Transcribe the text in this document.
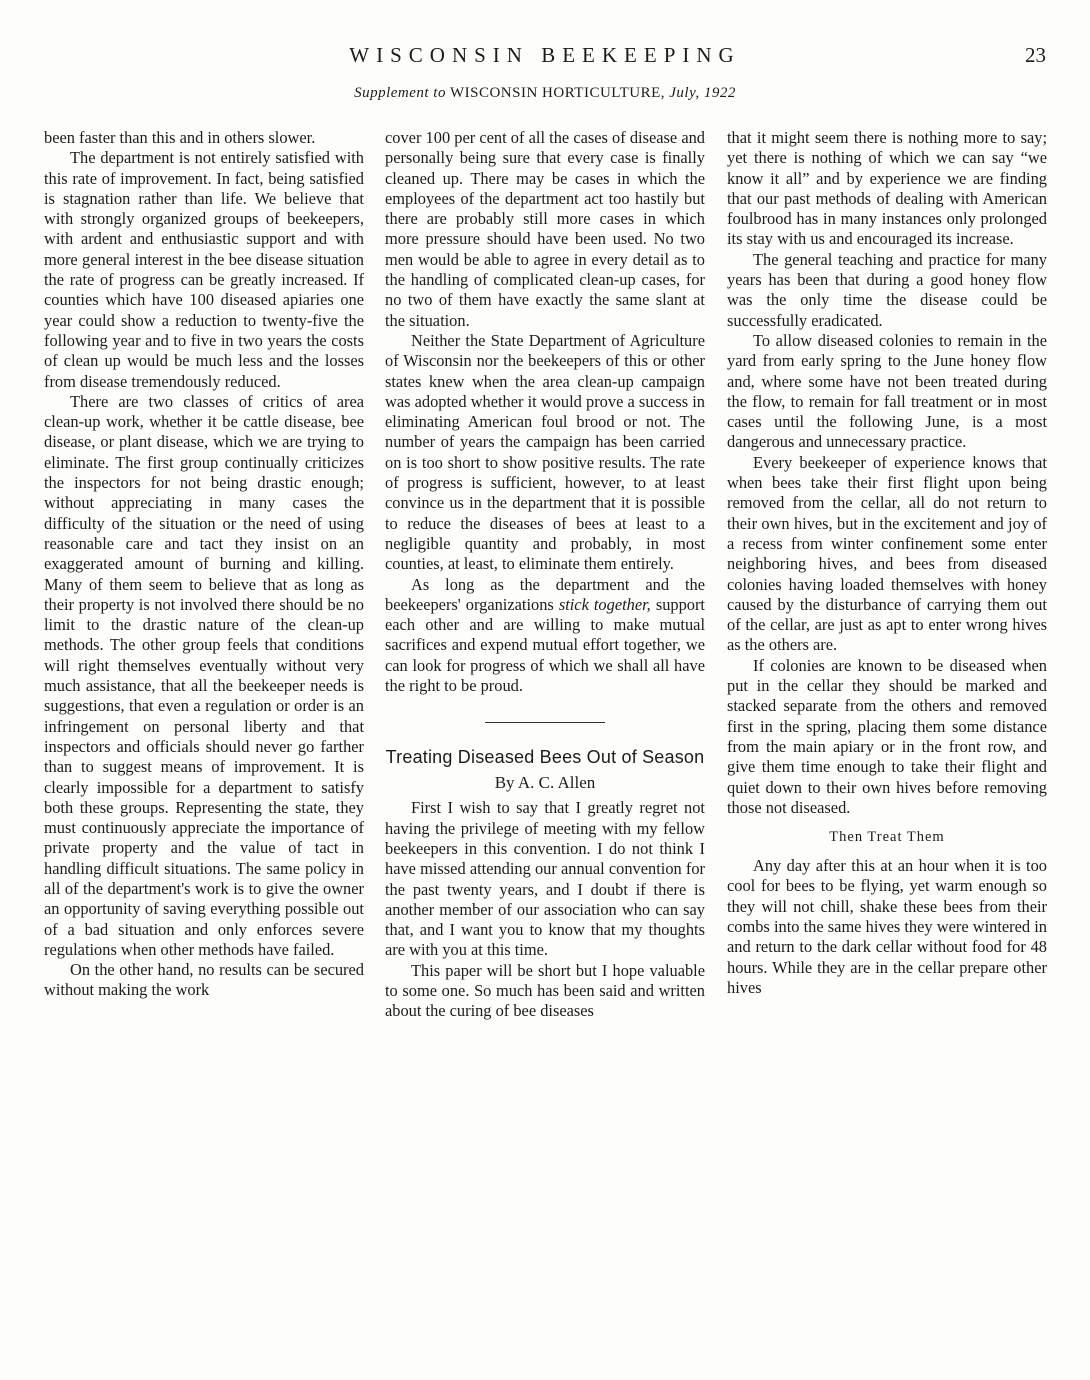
WISCONSIN BEEKEEPING	23
Supplement to WISCONSIN HORTICULTURE, July, 1922

been faster than this and in others slower.

The department is not entirely satisfied with this rate of improvement. In fact, being satisfied is stagnation rather than life. We believe that with strongly organized groups of beekeepers, with ardent and enthusiastic support and with more general interest in the bee disease situation the rate of progress can be greatly increased. If counties which have 100 diseased apiaries one year could show a reduction to twenty-five the following year and to five in two years the costs of clean up would be much less and the losses from disease tremendously reduced.

There are two classes of critics of area clean-up work, whether it be cattle disease, bee disease, or plant disease, which we are trying to eliminate. The first group continually criticizes the inspectors for not being drastic enough; without appreciating in many cases the difficulty of the situation or the need of using reasonable care and tact they insist on an exaggerated amount of burning and killing. Many of them seem to believe that as long as their property is not involved there should be no limit to the drastic nature of the clean-up methods. The other group feels that conditions will right themselves eventually without very much assistance, that all the beekeeper needs is suggestions, that even a regulation or order is an infringement on personal liberty and that inspectors and officials should never go farther than to suggest means of improvement. It is clearly impossible for a department to satisfy both these groups. Representing the state, they must continuously appreciate the importance of private property and the value of tact in handling difficult situations. The same policy in all of the department's work is to give the owner an opportunity of saving everything possible out of a bad situation and only enforces severe regulations when other methods have failed.

On the other hand, no results can be secured without making the work

cover 100 per cent of all the cases of disease and personally being sure that every case is finally cleaned up. There may be cases in which the employees of the department act too hastily but there are probably still more cases in which more pressure should have been used. No two men would be able to agree in every detail as to the handling of complicated clean-up cases, for no two of them have exactly the same slant at the situation.

Neither the State Department of Agriculture of Wisconsin nor the beekeepers of this or other states knew when the area clean-up campaign was adopted whether it would prove a success in eliminating American foul brood or not. The number of years the campaign has been carried on is too short to show positive results. The rate of progress is sufficient, however, to at least convince us in the department that it is possible to reduce the diseases of bees at least to a negligible quantity and probably, in most counties, at least, to eliminate them entirely.

As long as the department and the beekeepers' organizations stick together, support each other and are willing to make mutual sacrifices and expend mutual effort together, we can look for progress of which we shall all have the right to be proud.

Treating Diseased Bees Out of Season
By A. C. Allen

First I wish to say that I greatly regret not having the privilege of meeting with my fellow beekeepers in this convention. I do not think I have missed attending our annual convention for the past twenty years, and I doubt if there is another member of our association who can say that, and I want you to know that my thoughts are with you at this time.

This paper will be short but I hope valuable to some one. So much has been said and written about the curing of bee diseases

that it might seem there is nothing more to say; yet there is nothing of which we can say “we know it all” and by experience we are finding that our past methods of dealing with American foulbrood has in many instances only prolonged its stay with us and encouraged its increase.

The general teaching and practice for many years has been that during a good honey flow was the only time the disease could be successfully eradicated.

To allow diseased colonies to remain in the yard from early spring to the June honey flow and, where some have not been treated during the flow, to remain for fall treatment or in most cases until the following June, is a most dangerous and unnecessary practice.

Every beekeeper of experience knows that when bees take their first flight upon being removed from the cellar, all do not return to their own hives, but in the excitement and joy of a recess from winter confinement some enter neighboring hives, and bees from diseased colonies having loaded themselves with honey caused by the disturbance of carrying them out of the cellar, are just as apt to enter wrong hives as the others are.

If colonies are known to be diseased when put in the cellar they should be marked and stacked separate from the others and removed first in the spring, placing them some distance from the main apiary or in the front row, and give them time enough to take their flight and quiet down to their own hives before removing those not diseased.

Then Treat Them

Any day after this at an hour when it is too cool for bees to be flying, yet warm enough so they will not chill, shake these bees from their combs into the same hives they were wintered in and return to the dark cellar without food for 48 hours. While they are in the cellar prepare other hives
